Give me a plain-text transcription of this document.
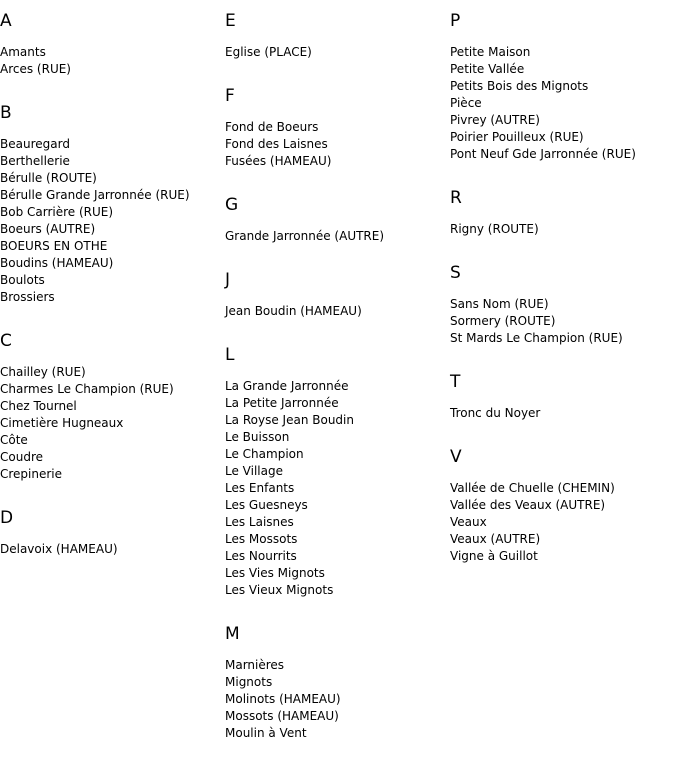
A
Amants
Arces (RUE)
B
Beauregard
Berthellerie
Bérulle (ROUTE)
Bérulle Grande Jarronnée (RUE)
Bob Carrière (RUE)
Boeurs (AUTRE)
BOEURS EN OTHE
Boudins (HAMEAU)
Boulots
Brossiers
C
Chailley (RUE)
Charmes Le Champion (RUE)
Chez Tournel
Cimetière Hugneaux
Côte
Coudre
Crepinerie
D
Delavoix (HAMEAU)
E
Eglise (PLACE)
F
Fond de Boeurs
Fond des Laisnes
Fusées (HAMEAU)
G
Grande Jarronnée (AUTRE)
J
Jean Boudin (HAMEAU)
L
La Grande Jarronnée
La Petite Jarronnée
La Royse Jean Boudin
Le Buisson
Le Champion
Le Village
Les Enfants
Les Guesneys
Les Laisnes
Les Mossots
Les Nourrits
Les Vies Mignots
Les Vieux Mignots
M
Marnières
Mignots
Molinots (HAMEAU)
Mossots (HAMEAU)
Moulin à Vent
P
Petite Maison
Petite Vallée
Petits Bois des Mignots
Pièce
Pivrey (AUTRE)
Poirier Pouilleux (RUE)
Pont Neuf Gde Jarronnée (RUE)
R
Rigny (ROUTE)
S
Sans Nom (RUE)
Sormery (ROUTE)
St Mards Le Champion (RUE)
T
Tronc du Noyer
V
Vallée de Chuelle (CHEMIN)
Vallée des Veaux (AUTRE)
Veaux
Veaux (AUTRE)
Vigne à Guillot
